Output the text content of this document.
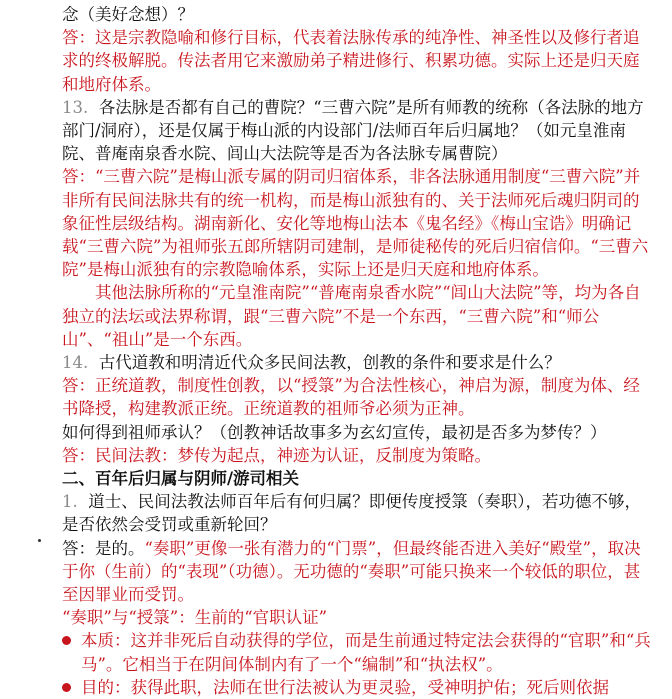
念（美好念想）？

答：这是宗教隐喻和修行目标，代表着法脉传承的纯净性、神圣性以及修行者追求的终极解脱。传法者用它来激励弟子精进修行、积累功德。实际上还是归天庭和地府体系。

13. 各法脉是否都有自己的曹院？“三曹六院”是所有师教的统称（各法脉的地方部门/洞府），还是仅属于梅山派的内设部门/法师百年后归属地？（如元皇淮南院、普庵南泉香水院、闾山大法院等是否为各法脉专属曹院）

答：“三曹六院”是梅山派专属的阴司归宿体系，非各法脉通用制度“三曹六院”并非所有民间法脉共有的统一机构，而是梅山派独有的、关于法师死后魂归阴司的象征性层级结构。湖南新化、安化等地梅山法本《鬼名经》《梅山宝诰》明确记载“三曹六院”为祖师张五郎所辖阴司建制，是师徒秘传的死后归宿信仰。“三曹六院”是梅山派独有的宗教隐喻体系，实际上还是归天庭和地府体系。

其他法脉所称的“元皇淮南院”“普庵南泉香水院”“闾山大法院”等，均为各自独立的法坛或法界称谓，跟“三曹六院”不是一个东西，“三曹六院”和“师公山”、“祖山”是一个东西。

14. 古代道教和明清近代众多民间法教，创教的条件和要求是什么？

答：正统道教，制度性创教，以“授箓”为合法性核心，神启为源，制度为体、经书降授，构建教派正统。正统道教的祖师爷必须为正神。

如何得到祖师承认？（创教神话故事多为玄幻宣传，最初是否多为梦传？）

答：民间法教：梦传为起点，神迹为认证，反制度为策略。

二、百年后归属与阴师/游司相关

1. 道士、民间法教法师百年后有何归属？即便传度授箓（奏职），若功德不够，是否依然会受罚或重新轮回？

答：是的。“奏职”更像一张有潜力的“门票”，但最终能否进入美好“殿堂”，取决于你（生前）的“表现”（功德）。无功德的“奏职”可能只换来一个较低的职位，甚至因罪业而受罚。

“奏职”与“授箓”：生前的“官职认证”

本质：这并非死后自动获得的学位，而是生前通过特定法会获得的“官职”和“兵马”。它相当于在阴间体制内有了一个“编制”和“执法权”。
目的：获得此职，法师在世行法被认为更灵验，受神明护佑；死后则依据
